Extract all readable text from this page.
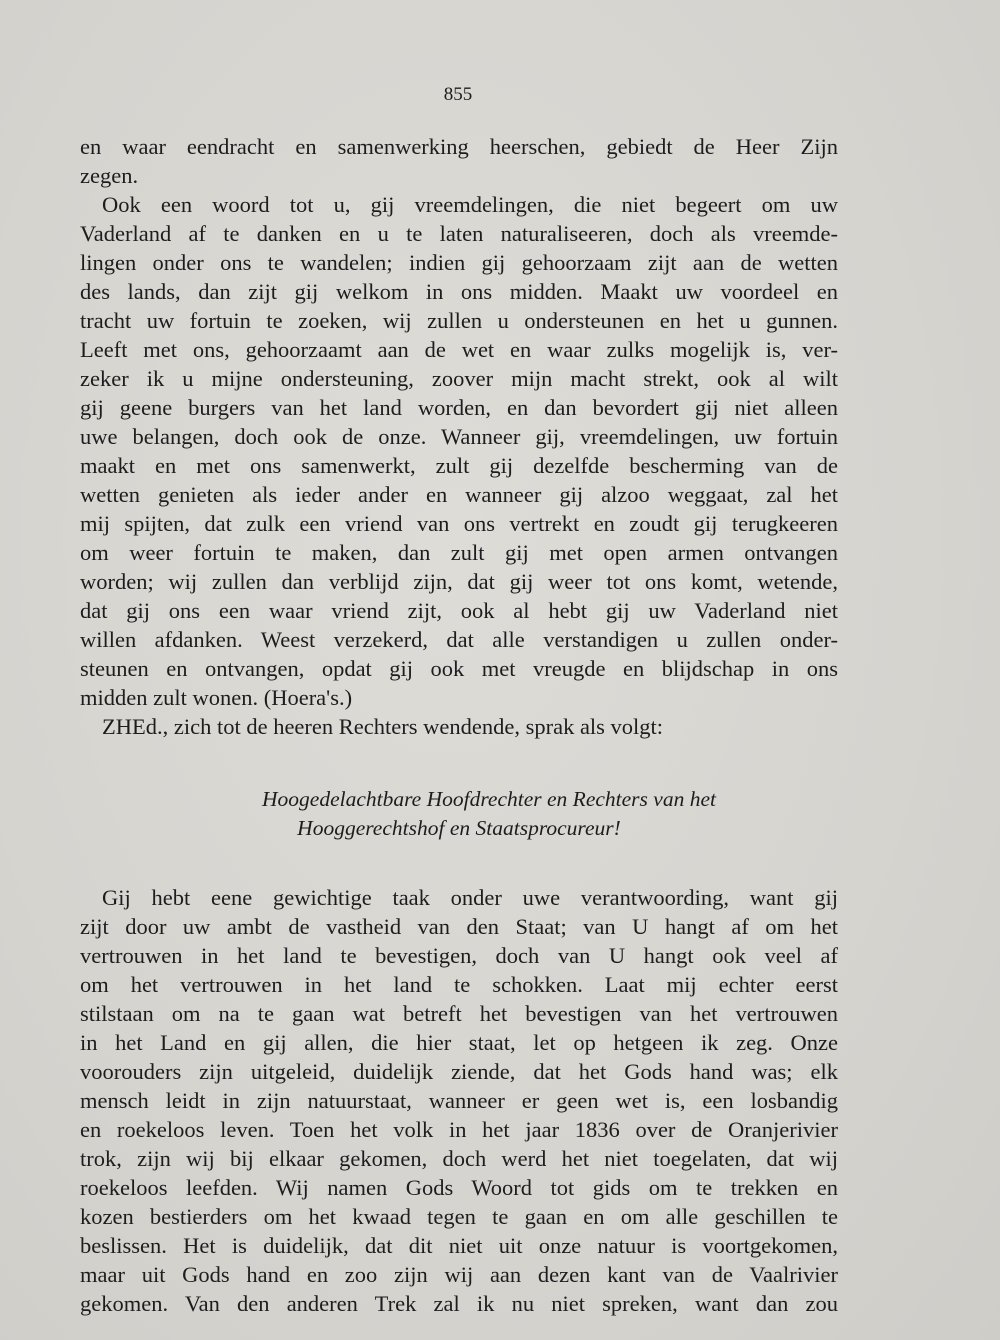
855
en waar eendracht en samenwerking heerschen, gebiedt de Heer Zijn
zegen.
Ook een woord tot u, gij vreemdelingen, die niet begeert om uw
Vaderland af te danken en u te laten naturaliseeren, doch als vreemde-
lingen onder ons te wandelen; indien gij gehoorzaam zijt aan de wetten
des lands, dan zijt gij welkom in ons midden. Maakt uw voordeel en
tracht uw fortuin te zoeken, wij zullen u ondersteunen en het u gunnen.
Leeft met ons, gehoorzaamt aan de wet en waar zulks mogelijk is, ver-
zeker ik u mijne ondersteuning, zoover mijn macht strekt, ook al wilt
gij geene burgers van het land worden, en dan bevordert gij niet alleen
uwe belangen, doch ook de onze. Wanneer gij, vreemdelingen, uw fortuin
maakt en met ons samenwerkt, zult gij dezelfde bescherming van de
wetten genieten als ieder ander en wanneer gij alzoo weggaat, zal het
mij spijten, dat zulk een vriend van ons vertrekt en zoudt gij terugkeeren
om weer fortuin te maken, dan zult gij met open armen ontvangen
worden; wij zullen dan verblijd zijn, dat gij weer tot ons komt, wetende,
dat gij ons een waar vriend zijt, ook al hebt gij uw Vaderland niet
willen afdanken. Weest verzekerd, dat alle verstandigen u zullen onder-
steunen en ontvangen, opdat gij ook met vreugde en blijdschap in ons
midden zult wonen. (Hoera's.)
ZHEd., zich tot de heeren Rechters wendende, sprak als volgt:
Hoogedelachtbare Hoofdrechter en Rechters van het
Hooggerechtshof en Staatsprocureur!
Gij hebt eene gewichtige taak onder uwe verantwoording, want gij
zijt door uw ambt de vastheid van den Staat; van U hangt af om het
vertrouwen in het land te bevestigen, doch van U hangt ook veel af
om het vertrouwen in het land te schokken. Laat mij echter eerst
stilstaan om na te gaan wat betreft het bevestigen van het vertrouwen
in het Land en gij allen, die hier staat, let op hetgeen ik zeg. Onze
voorouders zijn uitgeleid, duidelijk ziende, dat het Gods hand was; elk
mensch leidt in zijn natuurstaat, wanneer er geen wet is, een losbandig
en roekeloos leven. Toen het volk in het jaar 1836 over de Oranjerivier
trok, zijn wij bij elkaar gekomen, doch werd het niet toegelaten, dat wij
roekeloos leefden. Wij namen Gods Woord tot gids om te trekken en
kozen bestierders om het kwaad tegen te gaan en om alle geschillen te
beslissen. Het is duidelijk, dat dit niet uit onze natuur is voortgekomen,
maar uit Gods hand en zoo zijn wij aan dezen kant van de Vaalrivier
gekomen. Van den anderen Trek zal ik nu niet spreken, want dan zou
